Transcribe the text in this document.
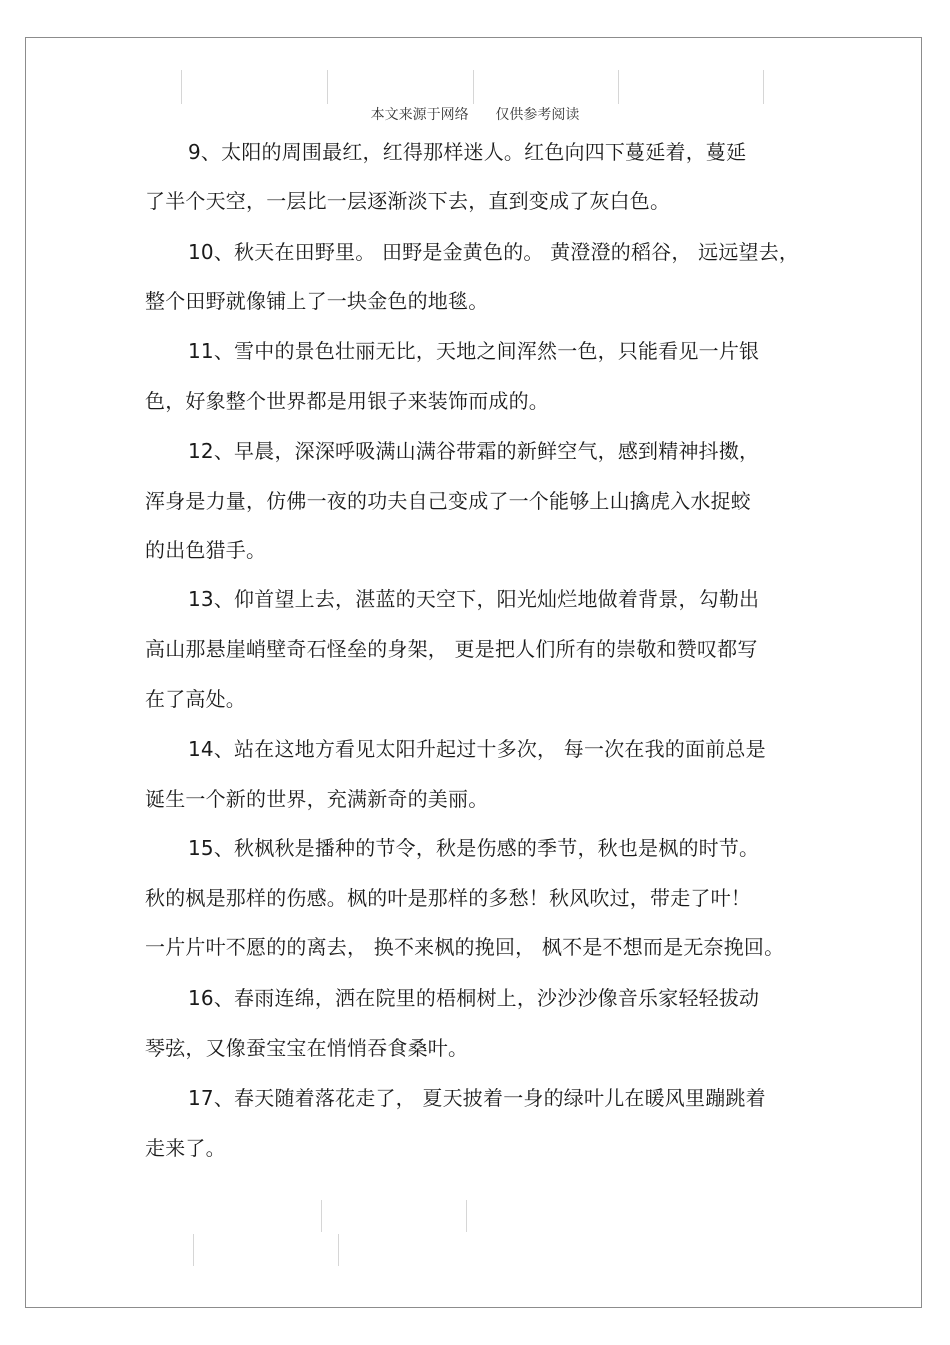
本文来源于网络      仅供参考阅读
9、太阳的周围最红，红得那样迷人。红色向四下蔓延着，蔓延
了半个天空，一层比一层逐渐淡下去，直到变成了灰白色。
10、秋天在田野里。 田野是金黄色的。 黄澄澄的稻谷， 远远望去，
整个田野就像铺上了一块金色的地毯。
11、雪中的景色壮丽无比，天地之间浑然一色，只能看见一片银
色，好象整个世界都是用银子来装饰而成的。
12、早晨，深深呼吸满山满谷带霜的新鲜空气，感到精神抖擞，
浑身是力量，仿佛一夜的功夫自己变成了一个能够上山擒虎入水捉蛟
的出色猎手。
13、仰首望上去，湛蓝的天空下，阳光灿烂地做着背景，勾勒出
高山那悬崖峭壁奇石怪垒的身架， 更是把人们所有的崇敬和赞叹都写
在了高处。
14、站在这地方看见太阳升起过十多次， 每一次在我的面前总是
诞生一个新的世界，充满新奇的美丽。
15、秋枫秋是播种的节令，秋是伤感的季节，秋也是枫的时节。
秋的枫是那样的伤感。枫的叶是那样的多愁！秋风吹过，带走了叶！
一片片叶不愿的的离去， 换不来枫的挽回， 枫不是不想而是无奈挽回。
16、春雨连绵，洒在院里的梧桐树上，沙沙沙像音乐家轻轻拔动
琴弦，又像蚕宝宝在悄悄吞食桑叶。
17、春天随着落花走了， 夏天披着一身的绿叶儿在暖风里蹦跳着
走来了。
